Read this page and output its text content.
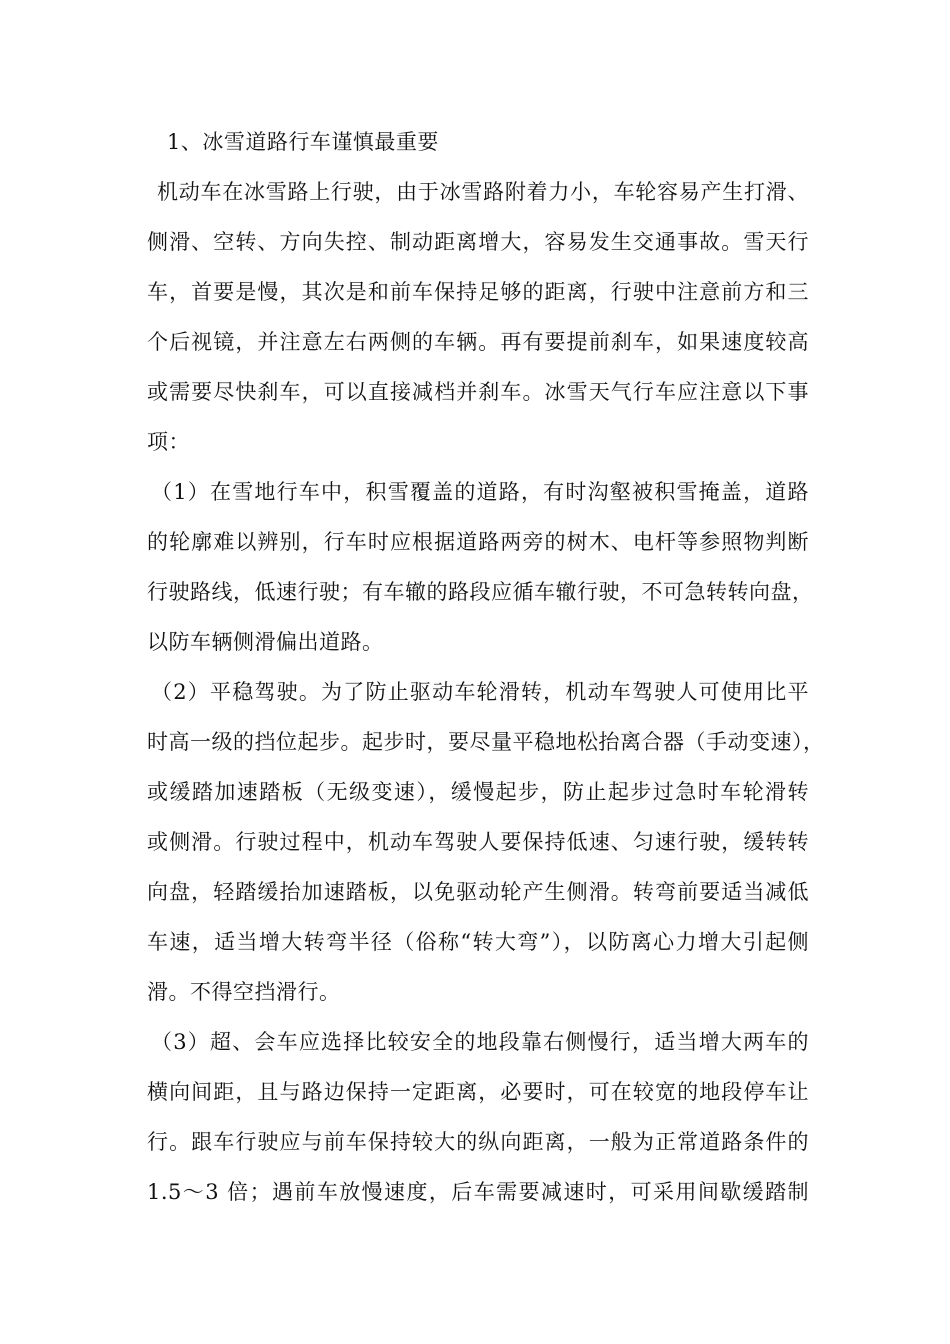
1、冰雪道路行车谨慎最重要
机动车在冰雪路上行驶，由于冰雪路附着力小，车轮容易产生打滑、
侧滑、空转、方向失控、制动距离增大，容易发生交通事故。雪天行
车，首要是慢，其次是和前车保持足够的距离，行驶中注意前方和三
个后视镜，并注意左右两侧的车辆。再有要提前刹车，如果速度较高
或需要尽快刹车，可以直接减档并刹车。冰雪天气行车应注意以下事
项：
（1）在雪地行车中，积雪覆盖的道路，有时沟壑被积雪掩盖，道路
的轮廓难以辨别，行车时应根据道路两旁的树木、电杆等参照物判断
行驶路线，低速行驶；有车辙的路段应循车辙行驶，不可急转转向盘，
以防车辆侧滑偏出道路。
（2）平稳驾驶。为了防止驱动车轮滑转，机动车驾驶人可使用比平
时高一级的挡位起步。起步时，要尽量平稳地松抬离合器（手动变速），
或缓踏加速踏板（无级变速），缓慢起步，防止起步过急时车轮滑转
或侧滑。行驶过程中，机动车驾驶人要保持低速、匀速行驶，缓转转
向盘，轻踏缓抬加速踏板，以免驱动轮产生侧滑。转弯前要适当减低
车速，适当增大转弯半径（俗称“转大弯”），以防离心力增大引起侧
滑。不得空挡滑行。
（3）超、会车应选择比较安全的地段靠右侧慢行，适当增大两车的
横向间距，且与路边保持一定距离，必要时，可在较宽的地段停车让
行。跟车行驶应与前车保持较大的纵向距离，一般为正常道路条件的
1.5～3 倍；遇前车放慢速度，后车需要减速时，可采用间歇缓踏制
